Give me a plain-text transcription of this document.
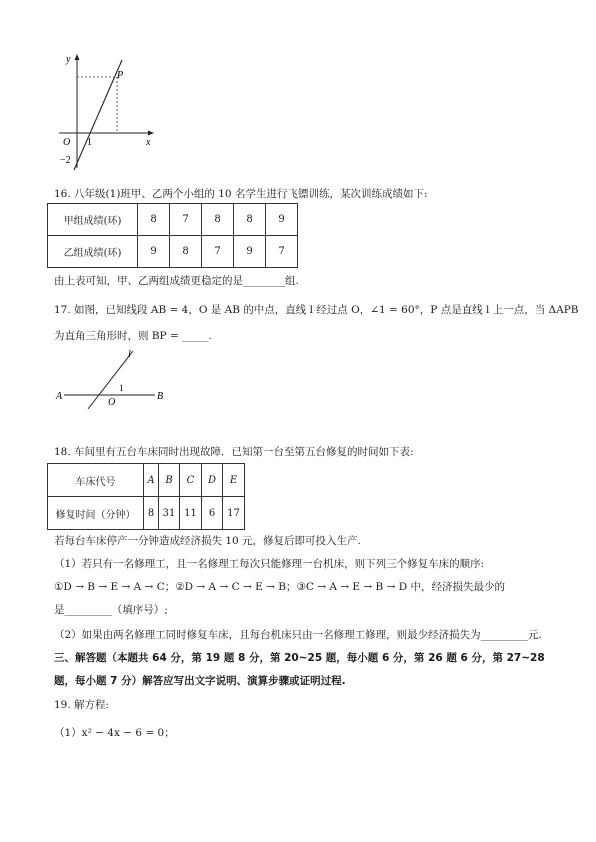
y
x
O 1
−2
P
16. 八年级(1)班甲、乙两个小组的 10 名学生进行飞镖训练，某次训练成绩如下:
甲组成绩(环)	8	7	8	8	9
乙组成绩(环)	9	8	7	9	7
由上表可知，甲、乙两组成绩更稳定的是________组.
17. 如图，已知线段 AB = 4，O 是 AB 的中点，直线 l 经过点 O，∠1 = 60°，P 点是直线 l 上一点，当 ΔAPB
为直角三角形时，则 BP = _____.
l
1
A
O
B
18. 车间里有五台车床同时出现故障．已知第一台至第五台修复的时间如下表:
车床代号	A	B	C	D	E
修复时间（分钟）	8	31	11	6	17
若每台车床停产一分钟造成经济损失 10 元，修复后即可投入生产.
（1）若只有一名修理工，且一名修理工每次只能修理一台机床，则下列三个修复车床的顺序:
①D → B → E → A → C；②D → A → C → E → B；③C → A → E → B → D 中，经济损失最少的
是_________（填序号）;
（2）如果由两名修理工同时修复车床，且每台机床只由一名修理工修理，则最少经济损失为_________元.
三、解答题（本题共 64 分，第 19 题 8 分，第 20~25 题，每小题 6 分，第 26 题 6 分，第 27~28
题，每小题 7 分）解答应写出文字说明、演算步骤或证明过程.
19. 解方程:
（1）x² − 4x − 6 = 0；
